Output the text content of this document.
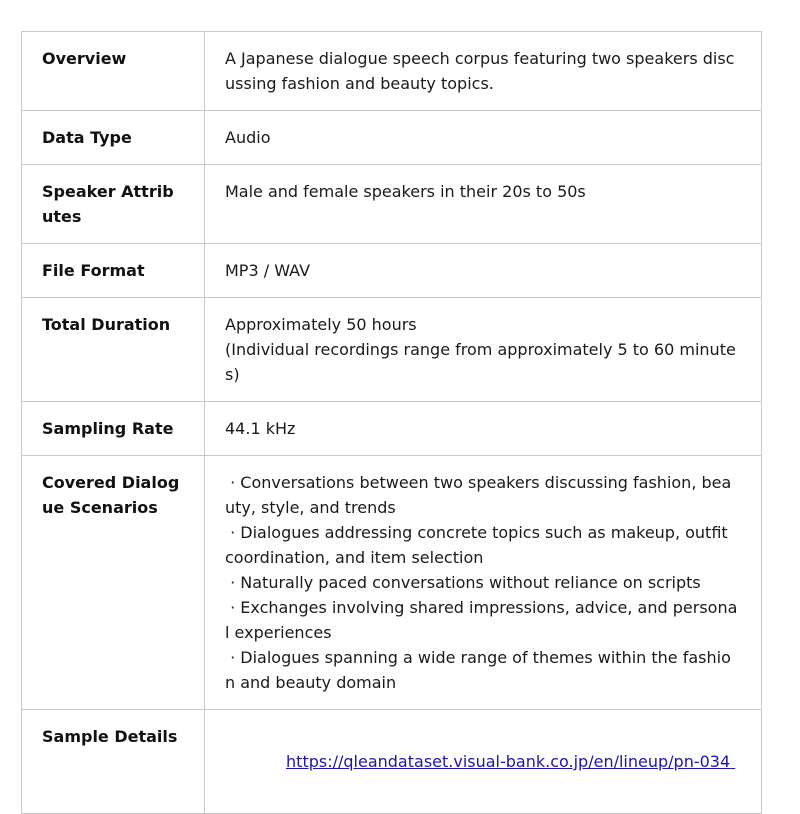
Overview	A Japanese dialogue speech corpus featuring two speakers discussing fashion and beauty topics.

Data Type	Audio

Speaker Attributes	Male and female speakers in their 20s to 50s

File Format	MP3 / WAV

Total Duration	Approximately 50 hours
(Individual recordings range from approximately 5 to 60 minutes)

Sampling Rate	44.1 kHz

Covered Dialogue Scenarios	· Conversations between two speakers discussing fashion, beauty, style, and trends
· Dialogues addressing concrete topics such as makeup, outfit coordination, and item selection
· Naturally paced conversations without reliance on scripts
· Exchanges involving shared impressions, advice, and personal experiences
· Dialogues spanning a wide range of themes within the fashion and beauty domain

Sample Details	https://qleandataset.visual-bank.co.jp/en/lineup/pn-034
